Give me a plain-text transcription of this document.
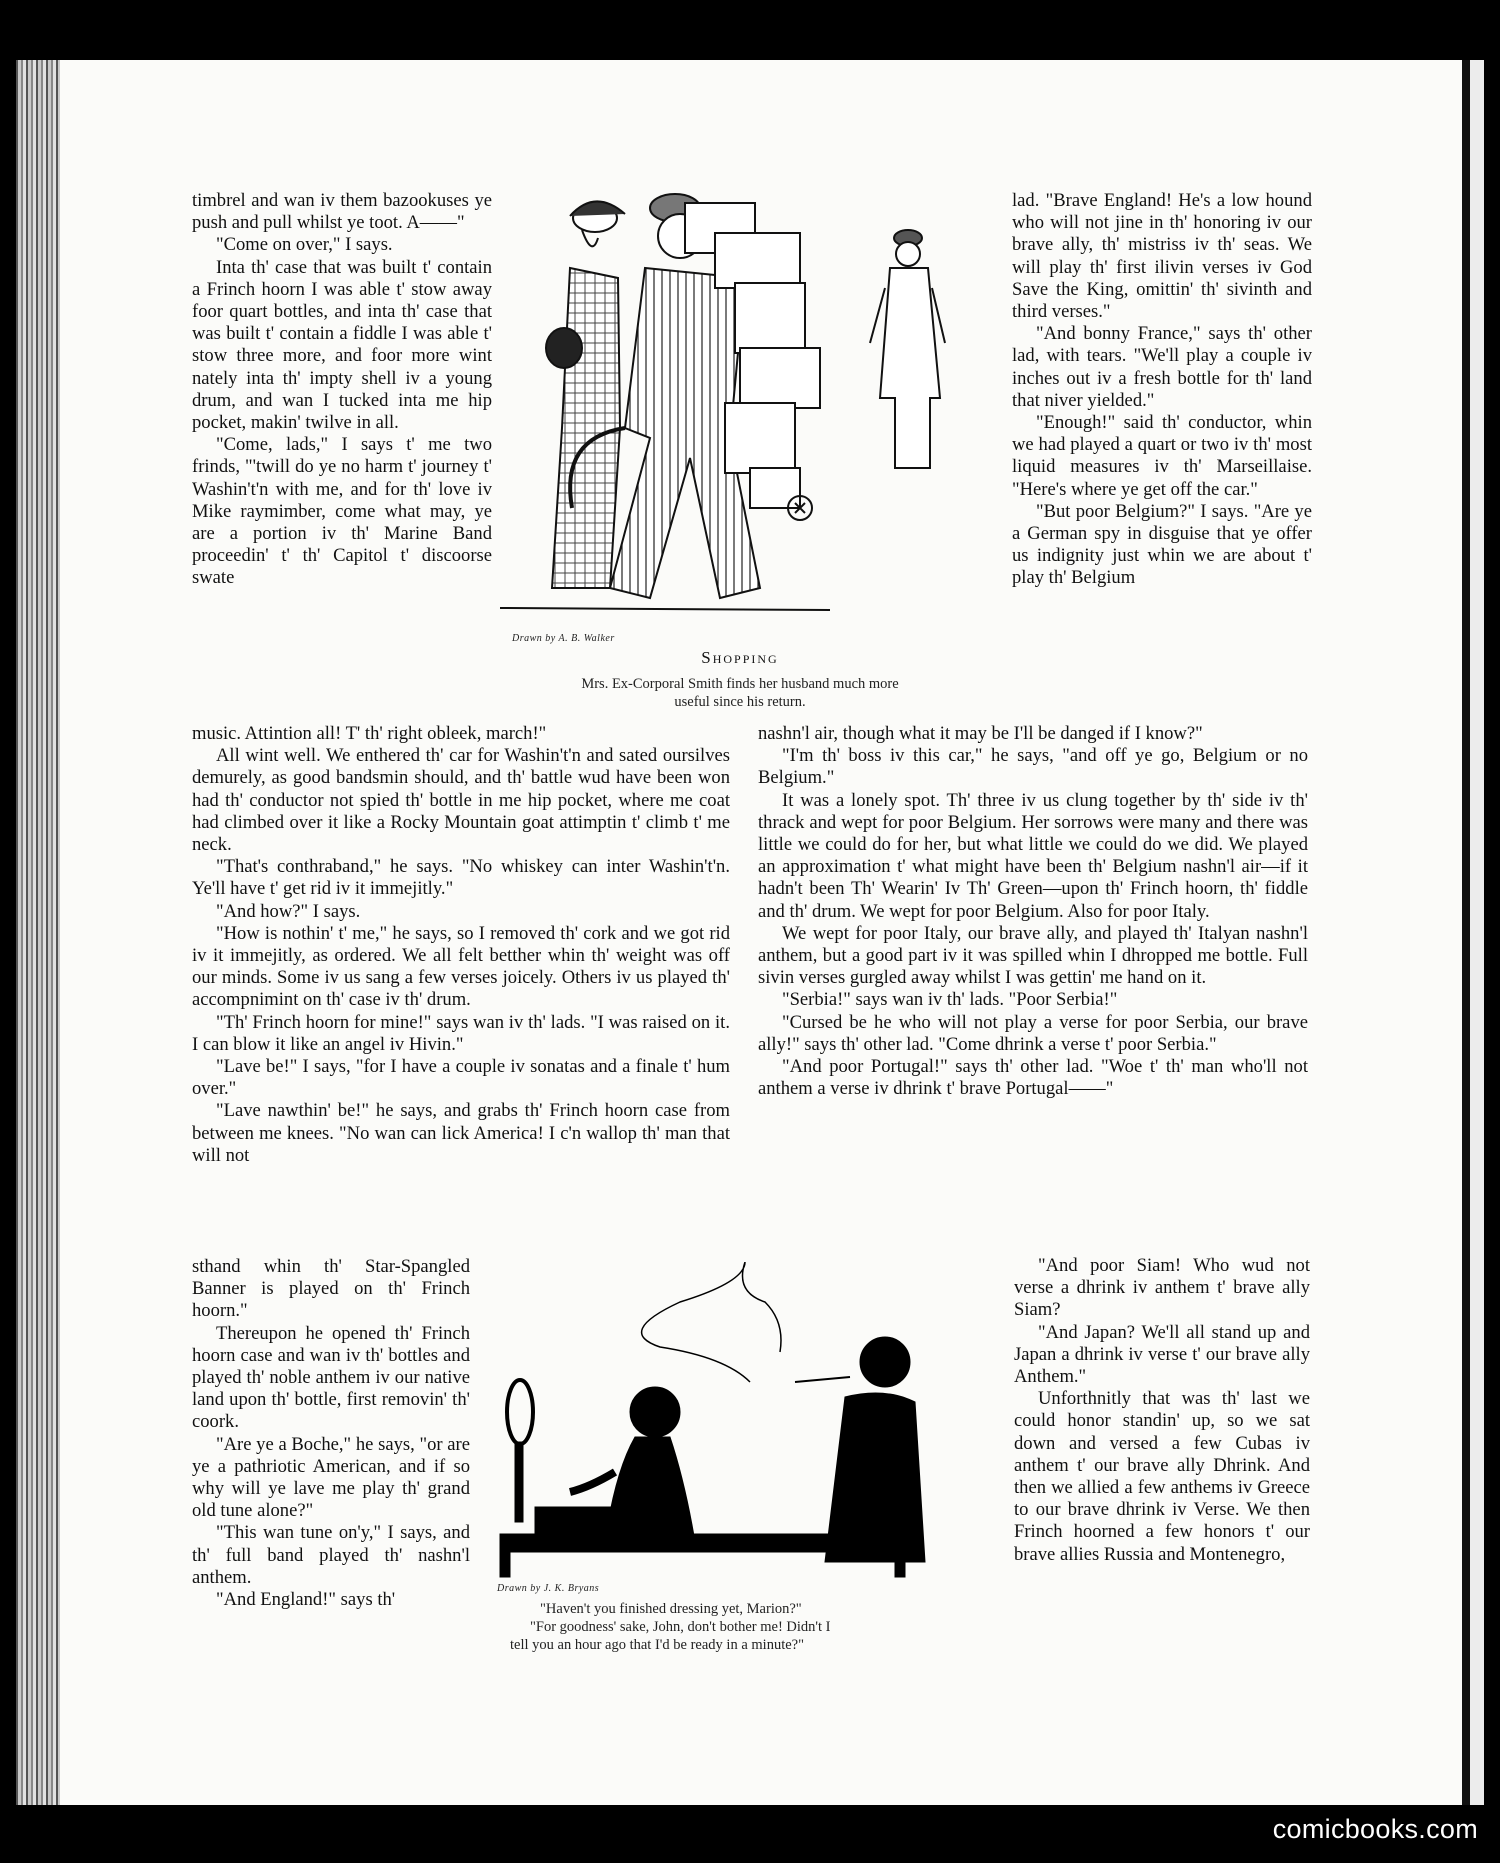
timbrel and wan iv them bazookuses ye push and pull whilst ye toot. A——"

"Come on over," I says.

Inta th' case that was built t' contain a Frinch hoorn I was able t' stow away foor quart bottles, and inta th' case that was built t' contain a fiddle I was able t' stow three more, and foor more wint nately inta th' impty shell iv a young drum, and wan I tucked inta me hip pocket, makin' twilve in all.

"Come, lads," I says t' me two frinds, "'twill do ye no harm t' journey t' Washin't'n with me, and for th' love iv Mike raymimber, come what may, ye are a portion iv th' Marine Band proceedin' t' th' Capitol t' discoorse swate

music. Attintion all! T' th' right obleek, march!"

All wint well. We enthered th' car for Washin't'n and sated oursilves demurely, as good bandsmin should, and th' battle wud have been won had th' conductor not spied th' bottle in me hip pocket, where me coat had climbed over it like a Rocky Mountain goat attimptin t' climb t' me neck.

"That's conthraband," he says. "No whiskey can inter Washin't'n. Ye'll have t' get rid iv it immejitly."

"And how?" I says.

"How is nothin' t' me," he says, so I removed th' cork and we got rid iv it immejitly, as ordered. We all felt betther whin th' weight was off our minds. Some iv us sang a few verses joicely. Others iv us played th' accompnimint on th' case iv th' drum.

"Th' Frinch hoorn for mine!" says wan iv th' lads. "I was raised on it. I can blow it like an angel iv Hivin."

"Lave be!" I says, "for I have a couple iv sonatas and a finale t' hum over."

"Lave nawthin' be!" he says, and grabs th' Frinch hoorn case from between me knees. "No wan can lick America! I c'n wallop th' man that will not

sthand whin th' Star-Spangled Banner is played on th' Frinch hoorn."

Thereupon he opened th' Frinch hoorn case and wan iv th' bottles and played th' noble anthem iv our native land upon th' bottle, first removin' th' coork.

"Are ye a Boche," he says, "or are ye a pathriotic American, and if so why will ye lave me play th' grand old tune alone?"

"This wan tune on'y," I says, and th' full band played th' nashn'l anthem.

"And England!" says th'

lad. "Brave England! He's a low hound who will not jine in th' honoring iv our brave ally, th' mistriss iv th' seas. We will play th' first ilivin verses iv God Save the King, omittin' th' sivinth and third verses."

"And bonny France," says th' other lad, with tears. "We'll play a couple iv inches out iv a fresh bottle for th' land that niver yielded."

"Enough!" said th' conductor, whin we had played a quart or two iv th' most liquid measures iv th' Marseillaise. "Here's where ye get off the car."

"But poor Belgium?" I says. "Are ye a German spy in disguise that ye offer us indignity just whin we are about t' play th' Belgium

nashn'l air, though what it may be I'll be danged if I know?"

"I'm th' boss iv this car," he says, "and off ye go, Belgium or no Belgium."

It was a lonely spot. Th' three iv us clung together by th' side iv th' thrack and wept for poor Belgium. Her sorrows were many and there was little we could do for her, but what little we could do we did. We played an approximation t' what might have been th' Belgium nashn'l air—if it hadn't been Th' Wearin' Iv Th' Green—upon th' Frinch hoorn, th' fiddle and th' drum. We wept for poor Belgium. Also for poor Italy.

We wept for poor Italy, our brave ally, and played th' Italyan nashn'l anthem, but a good part iv it was spilled whin I dhropped me bottle. Full sivin verses gurgled away whilst I was gettin' me hand on it.

"Serbia!" says wan iv th' lads. "Poor Serbia!"

"Cursed be he who will not play a verse for poor Serbia, our brave ally!" says th' other lad. "Come dhrink a verse t' poor Serbia."

"And poor Portugal!" says th' other lad. "Woe t' th' man who'll not anthem a verse iv dhrink t' brave Portugal——"

"And poor Siam! Who wud not verse a dhrink iv anthem t' brave ally Siam?

"And Japan? We'll all stand up and Japan a dhrink iv verse t' our brave ally Anthem."

Unforthnitly that was th' last we could honor standin' up, so we sat down and versed a few Cubas iv anthem t' our brave ally Dhrink. And then we allied a few anthems iv Greece to our brave dhrink iv Verse. We then Frinch hoorned a few honors t' our brave allies Russia and Montenegro,

Drawn by A. B. Walker
Shopping
Mrs. Ex-Corporal Smith finds her husband much more
useful since his return.
Drawn by J. K. Bryans
"Haven't you finished dressing yet, Marion?"
"For goodness' sake, John, don't bother me! Didn't I
tell you an hour ago that I'd be ready in a minute?"
comicbooks.com
